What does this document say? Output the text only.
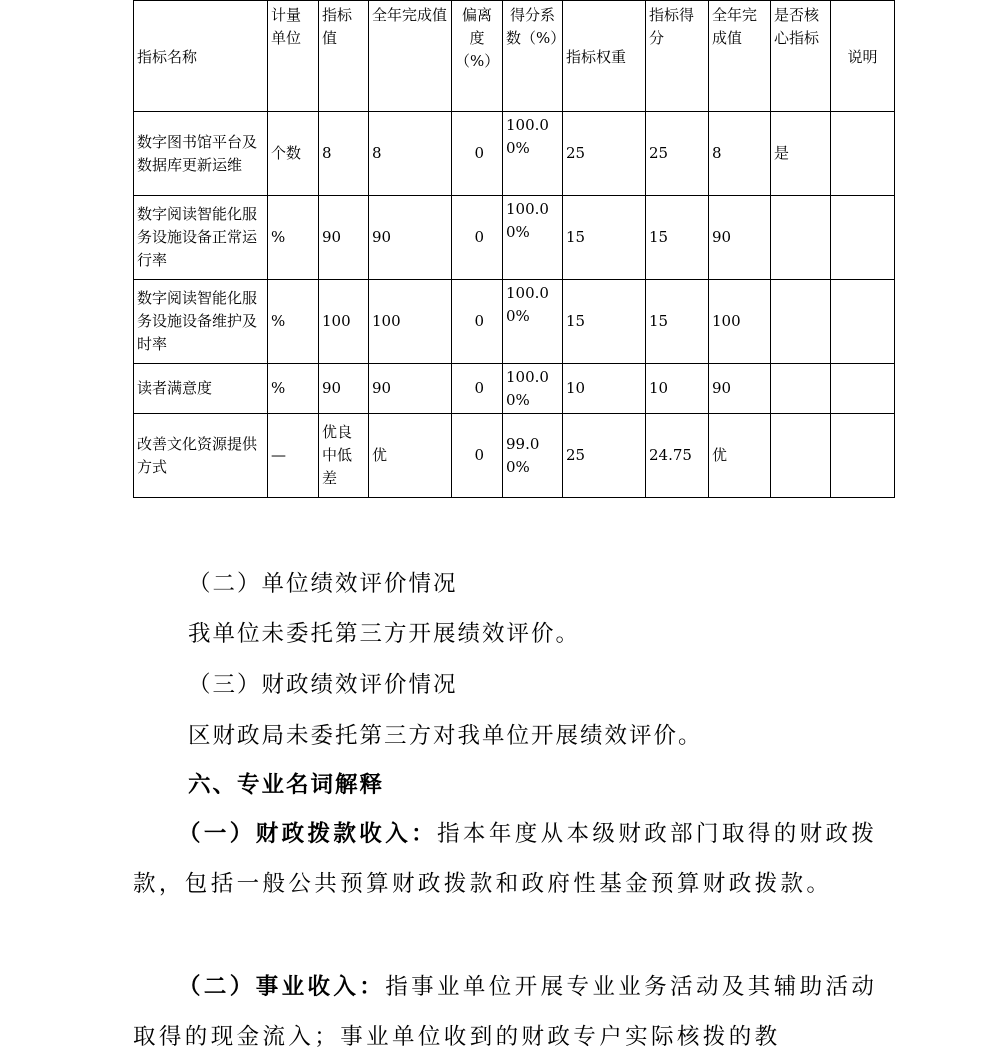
指标名称	计量单位	指标值	全年完成值	偏离度（%）	得分系数（%）	指标权重	指标得分	全年完成值	是否核心指标	说明
数字图书馆平台及数据库更新运维	个数	8	8	0	100.00%	25	25	8	是	
数字阅读智能化服务设施设备正常运行率	%	90	90	0	100.00%	15	15	90		
数字阅读智能化服务设施设备维护及时率	%	100	100	0	100.00%	15	15	100		
读者满意度	%	90	90	0	100.00%	10	10	90		
改善文化资源提供方式	—	优良中低差	优	0	99.00%	25	24.75	优		
（二）单位绩效评价情况
我单位未委托第三方开展绩效评价。
（三）财政绩效评价情况
区财政局未委托第三方对我单位开展绩效评价。
六、专业名词解释
（一）财政拨款收入：指本年度从本级财政部门取得的财政拨款，包括一般公共预算财政拨款和政府性基金预算财政拨款。
（二）事业收入：指事业单位开展专业业务活动及其辅助活动取得的现金流入；事业单位收到的财政专户实际核拨的教
